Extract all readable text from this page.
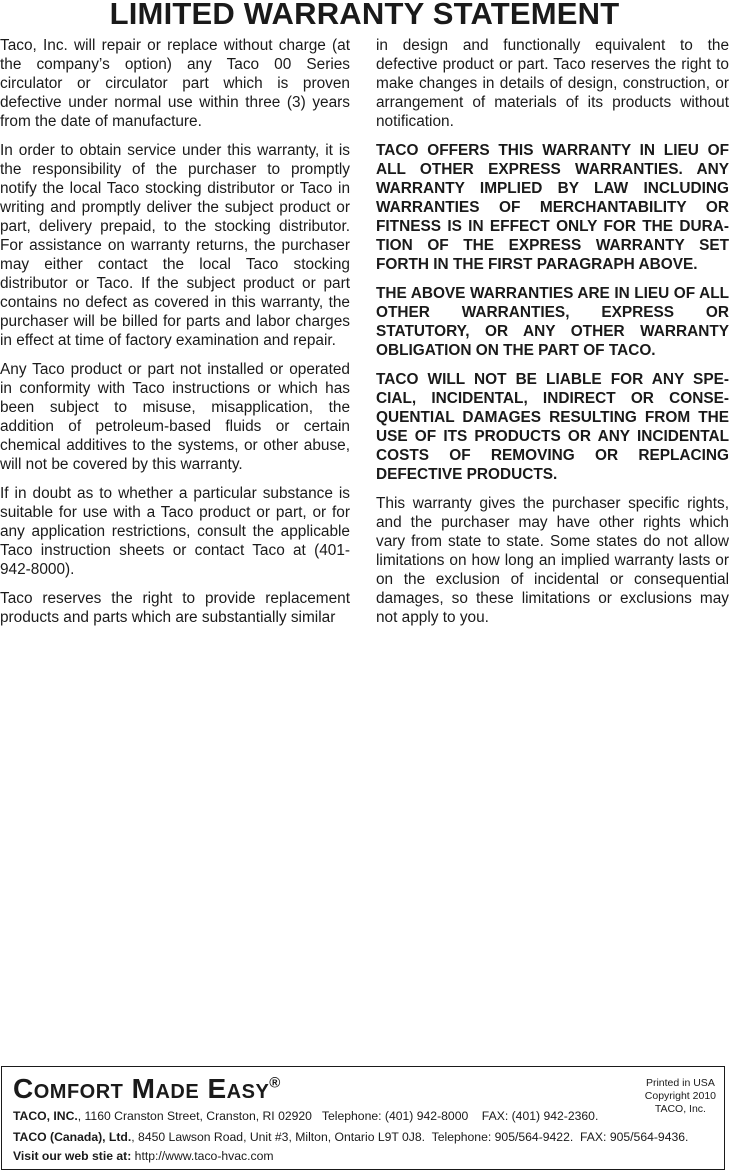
LIMITED WARRANTY STATEMENT

Taco, Inc. will repair or replace without charge (at the company’s option) any Taco 00 Series circulator or circulator part which is proven defective under normal use within three (3) years from the date of manufacture.

In order to obtain service under this warranty, it is the responsibility of the purchaser to promptly notify the local Taco stocking distributor or Taco in writing and promptly deliver the subject product or part, delivery prepaid, to the stocking distributor. For assistance on warranty returns, the purchaser may either contact the local Taco stocking distributor or Taco. If the subject product or part contains no defect as covered in this warranty, the purchaser will be billed for parts and labor charges in effect at time of factory examination and repair.

Any Taco product or part not installed or operated in conformity with Taco instructions or which has been subject to misuse, misapplication, the addition of petroleum-based fluids or certain chemical additives to the systems, or other abuse, will not be covered by this warranty.

If in doubt as to whether a particular substance is suitable for use with a Taco product or part, or for any application restrictions, consult the applicable Taco instruction sheets or contact Taco at (401-942-8000).

Taco reserves the right to provide replacement products and parts which are substantially similar

in design and functionally equivalent to the defective product or part. Taco reserves the right to make changes in details of design, construction, or arrangement of materials of its products without notification.

TACO OFFERS THIS WARRANTY IN LIEU OF ALL OTHER EXPRESS WARRANTIES. ANY WARRANTY IMPLIED BY LAW INCLUDING WARRANTIES OF MERCHANTABILITY OR FITNESS IS IN EFFECT ONLY FOR THE DURATION OF THE EXPRESS WARRANTY SET FORTH IN THE FIRST PARAGRAPH ABOVE.

THE ABOVE WARRANTIES ARE IN LIEU OF ALL OTHER WARRANTIES, EXPRESS OR STATUTORY, OR ANY OTHER WARRANTY OBLIGATION ON THE PART OF TACO.

TACO WILL NOT BE LIABLE FOR ANY SPECIAL, INCIDENTAL, INDIRECT OR CONSEQUENTIAL DAMAGES RESULTING FROM THE USE OF ITS PRODUCTS OR ANY INCIDENTAL COSTS OF REMOVING OR REPLACING DEFECTIVE PRODUCTS.

This warranty gives the purchaser specific rights, and the purchaser may have other rights which vary from state to state. Some states do not allow limitations on how long an implied warranty lasts or on the exclusion of incidental or consequential damages, so these limitations or exclusions may not apply to you.

Comfort Made Easy®	Printed in USA
Copyright 2010
TACO, Inc.
TACO, INC., 1160 Cranston Street, Cranston, RI 02920   Telephone: (401) 942-8000    FAX: (401) 942-2360.
TACO (Canada), Ltd., 8450 Lawson Road, Unit #3, Milton, Ontario L9T 0J8.  Telephone: 905/564-9422.  FAX: 905/564-9436.
Visit our web stie at: http://www.taco-hvac.com
